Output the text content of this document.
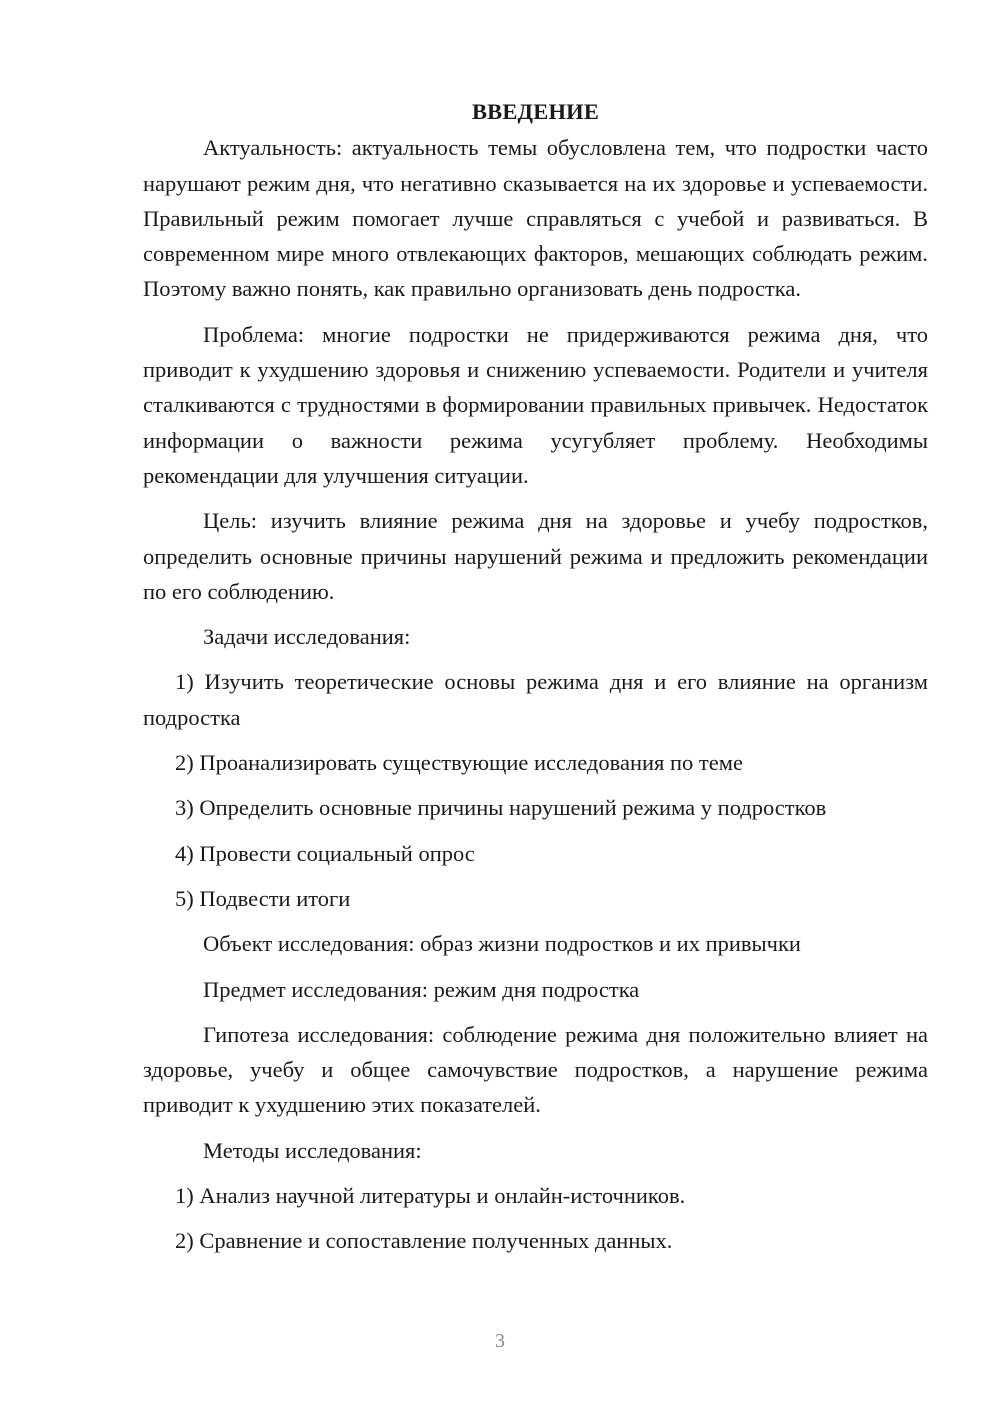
ВВЕДЕНИЕ

Актуальность: актуальность темы обусловлена тем, что подростки часто нарушают режим дня, что негативно сказывается на их здоровье и успеваемости. Правильный режим помогает лучше справляться с учебой и развиваться. В современном мире много отвлекающих факторов, мешающих соблюдать режим. Поэтому важно понять, как правильно организовать день подростка.

Проблема: многие подростки не придерживаются режима дня, что приводит к ухудшению здоровья и снижению успеваемости. Родители и учителя сталкиваются с трудностями в формировании правильных привычек. Недостаток информации о важности режима усугубляет проблему. Необходимы рекомендации для улучшения ситуации.

Цель: изучить влияние режима дня на здоровье и учебу подростков, определить основные причины нарушений режима и предложить рекомендации по его соблюдению.

Задачи исследования:

1) Изучить теоретические основы режима дня и его влияние на организм подростка

2) Проанализировать существующие исследования по теме

3) Определить основные причины нарушений режима у подростков

4) Провести социальный опрос

5) Подвести итоги

Объект исследования: образ жизни подростков и их привычки

Предмет исследования: режим дня подростка

Гипотеза исследования: соблюдение режима дня положительно влияет на здоровье, учебу и общее самочувствие подростков, а нарушение режима приводит к ухудшению этих показателей.

Методы исследования:

1) Анализ научной литературы и онлайн-источников.

2) Сравнение и сопоставление полученных данных.

3
